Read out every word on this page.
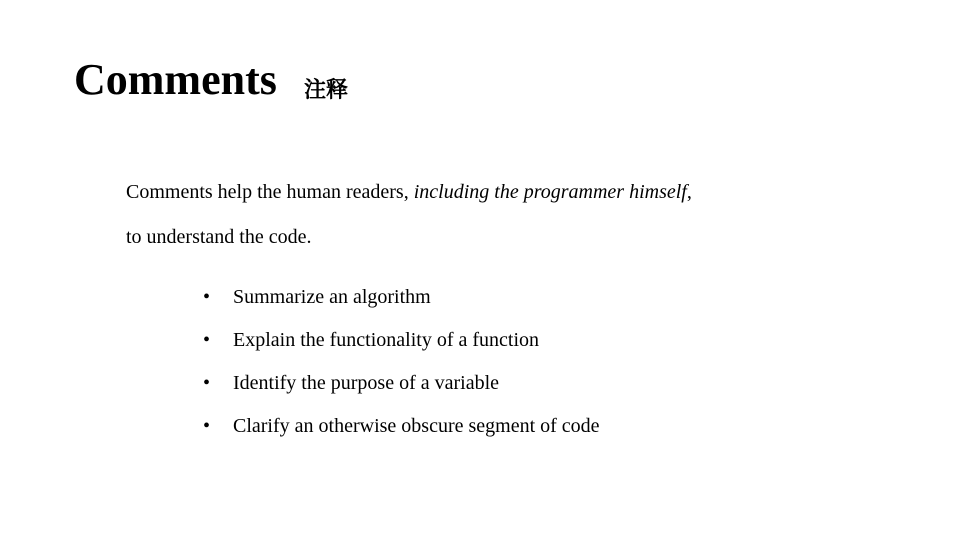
Comments 注释
Comments help the human readers, including the programmer himself,
to understand the code.
• Summarize an algorithm
• Explain the functionality of a function
• Identify the purpose of a variable
• Clarify an otherwise obscure segment of code
